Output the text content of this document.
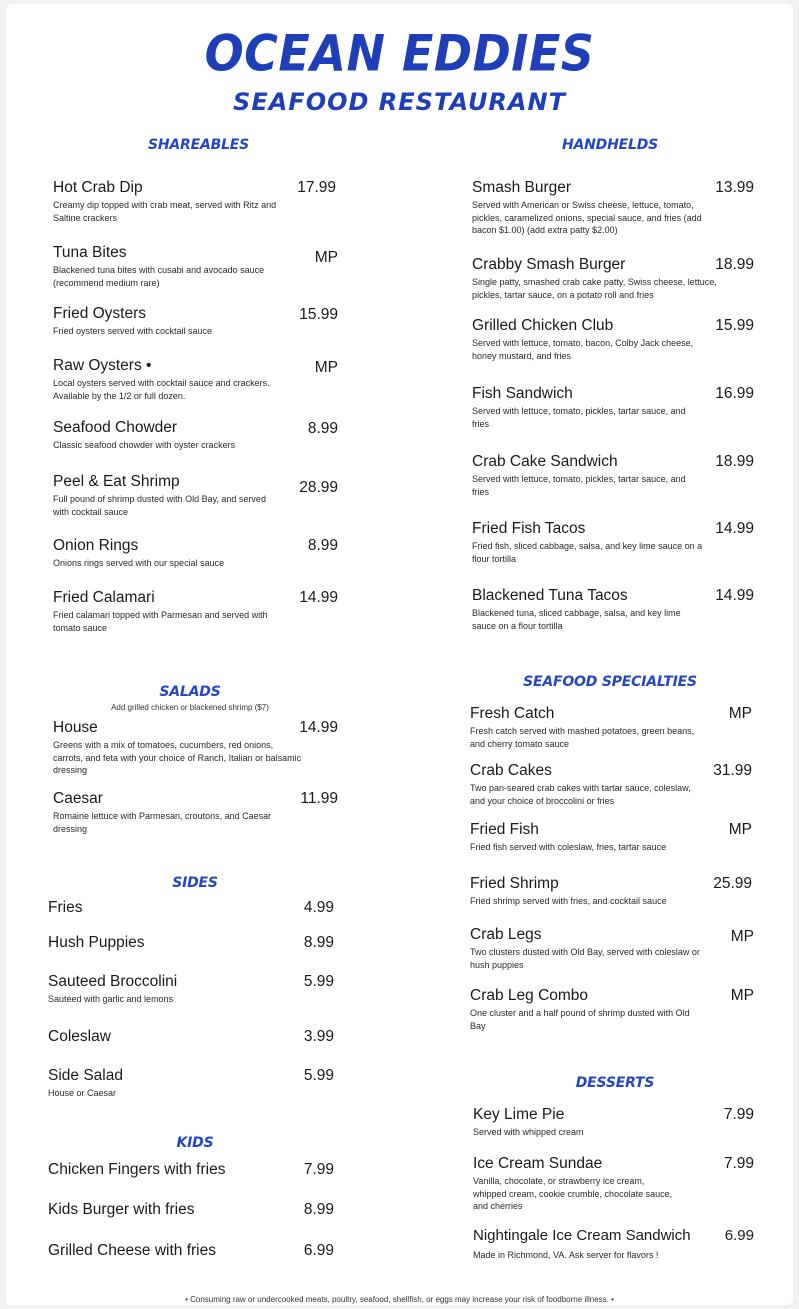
OCEAN EDDIES
SEAFOOD RESTAURANT
SHAREABLES
Hot Crab Dip
Creamy dip topped with crab meat, served with Ritz and Saltine crackers
17.99
Tuna Bites
Blackened tuna bites with cusabi and avocado sauce (recommend medium rare)
MP
Fried Oysters
Fried oysters served with cocktail sauce
15.99
Raw Oysters •
Local oysters served with cocktail sauce and crackers. Available by the 1/2 or full dozen.
MP
Seafood Chowder
Classic seafood chowder with oyster crackers
8.99
Peel & Eat Shrimp
Full pound of shrimp dusted with Old Bay, and served with cocktail sauce
28.99
Onion Rings
Onions rings served with our special sauce
8.99
Fried Calamari
Fried calamari topped with Parmesan and served with tomato sauce
14.99
SALADS
Add grilled chicken or blackened shrimp ($7)
House
Greens with a mix of tomatoes, cucumbers, red onions, carrots, and feta with your choice of Ranch, Italian or balsamic dressing
14.99
Caesar
Romaine lettuce with Parmesan, croutons, and Caesar dressing
11.99
SIDES
Fries	4.99
Hush Puppies	8.99
Sauteed Broccolini
Sautéed with garlic and lemons
5.99
Coleslaw	3.99
Side Salad
House or Caesar
5.99
KIDS
Chicken Fingers with fries	7.99
Kids Burger with fries	8.99
Grilled Cheese with fries	6.99
HANDHELDS
Smash Burger
Served with American or Swiss cheese, lettuce, tomato, pickles, caramelized onions, special sauce, and fries (add bacon $1.00) (add extra patty $2.00)
13.99
Crabby Smash Burger
Single patty, smashed crab cake patty, Swiss cheese, lettuce, pickles, tartar sauce, on a potato roll and fries
18.99
Grilled Chicken Club
Served with lettuce, tomato, bacon, Colby Jack cheese, honey mustard, and fries
15.99
Fish Sandwich
Served with lettuce, tomato, pickles, tartar sauce, and fries
16.99
Crab Cake Sandwich
Served with lettuce, tomato, pickles, tartar sauce, and fries
18.99
Fried Fish Tacos
Fried fish, sliced cabbage, salsa, and key lime sauce on a flour tortilla
14.99
Blackened Tuna Tacos
Blackened tuna, sliced cabbage, salsa, and key lime sauce on a flour tortilla
14.99
SEAFOOD SPECIALTIES
Fresh Catch
Fresh catch served with mashed potatoes, green beans, and cherry tomato sauce
MP
Crab Cakes
Two pan-seared crab cakes with tartar sauce, coleslaw, and your choice of broccolini or fries
31.99
Fried Fish
Fried fish served with coleslaw, fries, tartar sauce
MP
Fried Shrimp
Fried shrimp served with fries, and cocktail sauce
25.99
Crab Legs
Two clusters dusted with Old Bay, served with coleslaw or hush puppies
MP
Crab Leg Combo
One cluster and a half pound of shrimp dusted with Old Bay
MP
DESSERTS
Key Lime Pie
Served with whipped cream
7.99
Ice Cream Sundae
Vanilla, chocolate, or strawberry ice cream, whipped cream, cookie crumble, chocolate sauce, and cherries
7.99
Nightingale Ice Cream Sandwich
Made in Richmond, VA. Ask server for flavors !
6.99
• Consuming raw or undercooked meats, poultry, seafood, shellfish, or eggs may increase your risk of foodborne illness. •
